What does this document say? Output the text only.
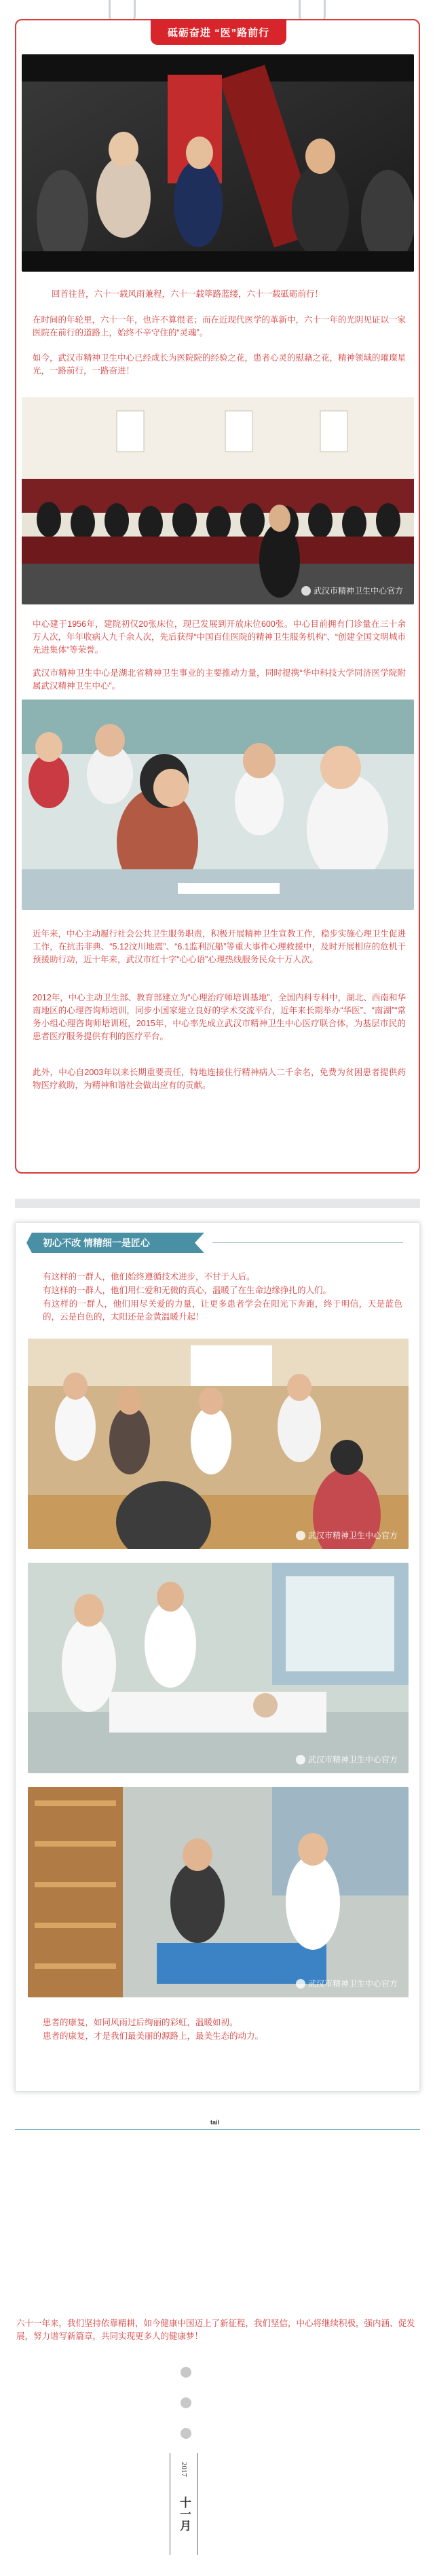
砥砺奋进 “医”路前行
回首往昔，六十一载风雨兼程，六十一载筚路蓝缕，六十一载砥砺前行！
在时间的年轮里，六十一年，也许不算很老；而在近现代医学的革新中，六十一年的光阴见证以一家医院在前行的道路上，始终不辛守住的“灵魂”。
如今，武汉市精神卫生中心已经成长为医院院的经验之花，患者心灵的慰藉之花，精神领域的璀璨星光，一路前行，一路奋进！
武汉市精神卫生中心官方
中心建于1956年，建院初仅20张床位，现已发展到开放床位600张。中心目前拥有门诊量在三十余万人次，年年收病人九千余人次，先后获得“中国百佳医院的精神卫生服务机构”、“创建全国文明城市先进集体”等荣誉。
武汉市精神卫生中心是湖北省精神卫生事业的主要推动力量，同时提携“华中科技大学同济医学院附属武汉精神卫生中心”。
近年来，中心主动履行社会公共卫生服务职责，积极开展精神卫生宣教工作，稳步实施心理卫生促进工作，在抗击非典、“5.12汶川地震”、“6.1监利沉船”等重大事件心理救援中，及时开展相应的危机干预援助行动，近十年来，武汉市红十字“心心语”心理热线服务民众十万人次。
2012年，中心主动卫生部、教育部建立为“心理治疗师培训基地”，全国内科专科中，湖北、西南和华南地区的心理咨询师培训，同步小国家建立良好的学术交流平台，近年来长期举办“华医”、“南湖”“常务小组心理咨询师培训班，2015年，中心率先成立武汉市精神卫生中心医疗联合体，为基层市民的患者医疗服务提供有利的医疗平台。
此外，中心自2003年以来长期重要责任，特地连接住行精神病人二千余名，免费为贫困患者提供药物医疗救助，为精神和谐社会做出应有的贡献。
初心不改 情精细一是匠心
有这样的一群人，他们始终遵循技术进步，不甘于人后。
有这样的一群人，他们用仁爱和无微的真心，温暖了在生命边缘挣扎的人们。
有这样的一群人，他们用尽关爱的力量，让更多患者学会在阳光下奔跑，终于明信，天是蓝色的，云是白色的，太阳还是金黄温暖升起！
武汉市精神卫生中心官方
武汉市精神卫生中心官方
武汉市精神卫生中心官方
患者的康复，如同风雨过后绚丽的彩虹，温暖如初。
患者的康复，才是我们最美丽的源路上，最美生态的动力。
tail
六十一年来，我们坚持依靠精耕，如今健康中国迈上了新征程，我们坚信，中心将继续积极，强内涵、促发展，努力谱写新篇章，共同实现更多人的健康梦！
2017
十一月
